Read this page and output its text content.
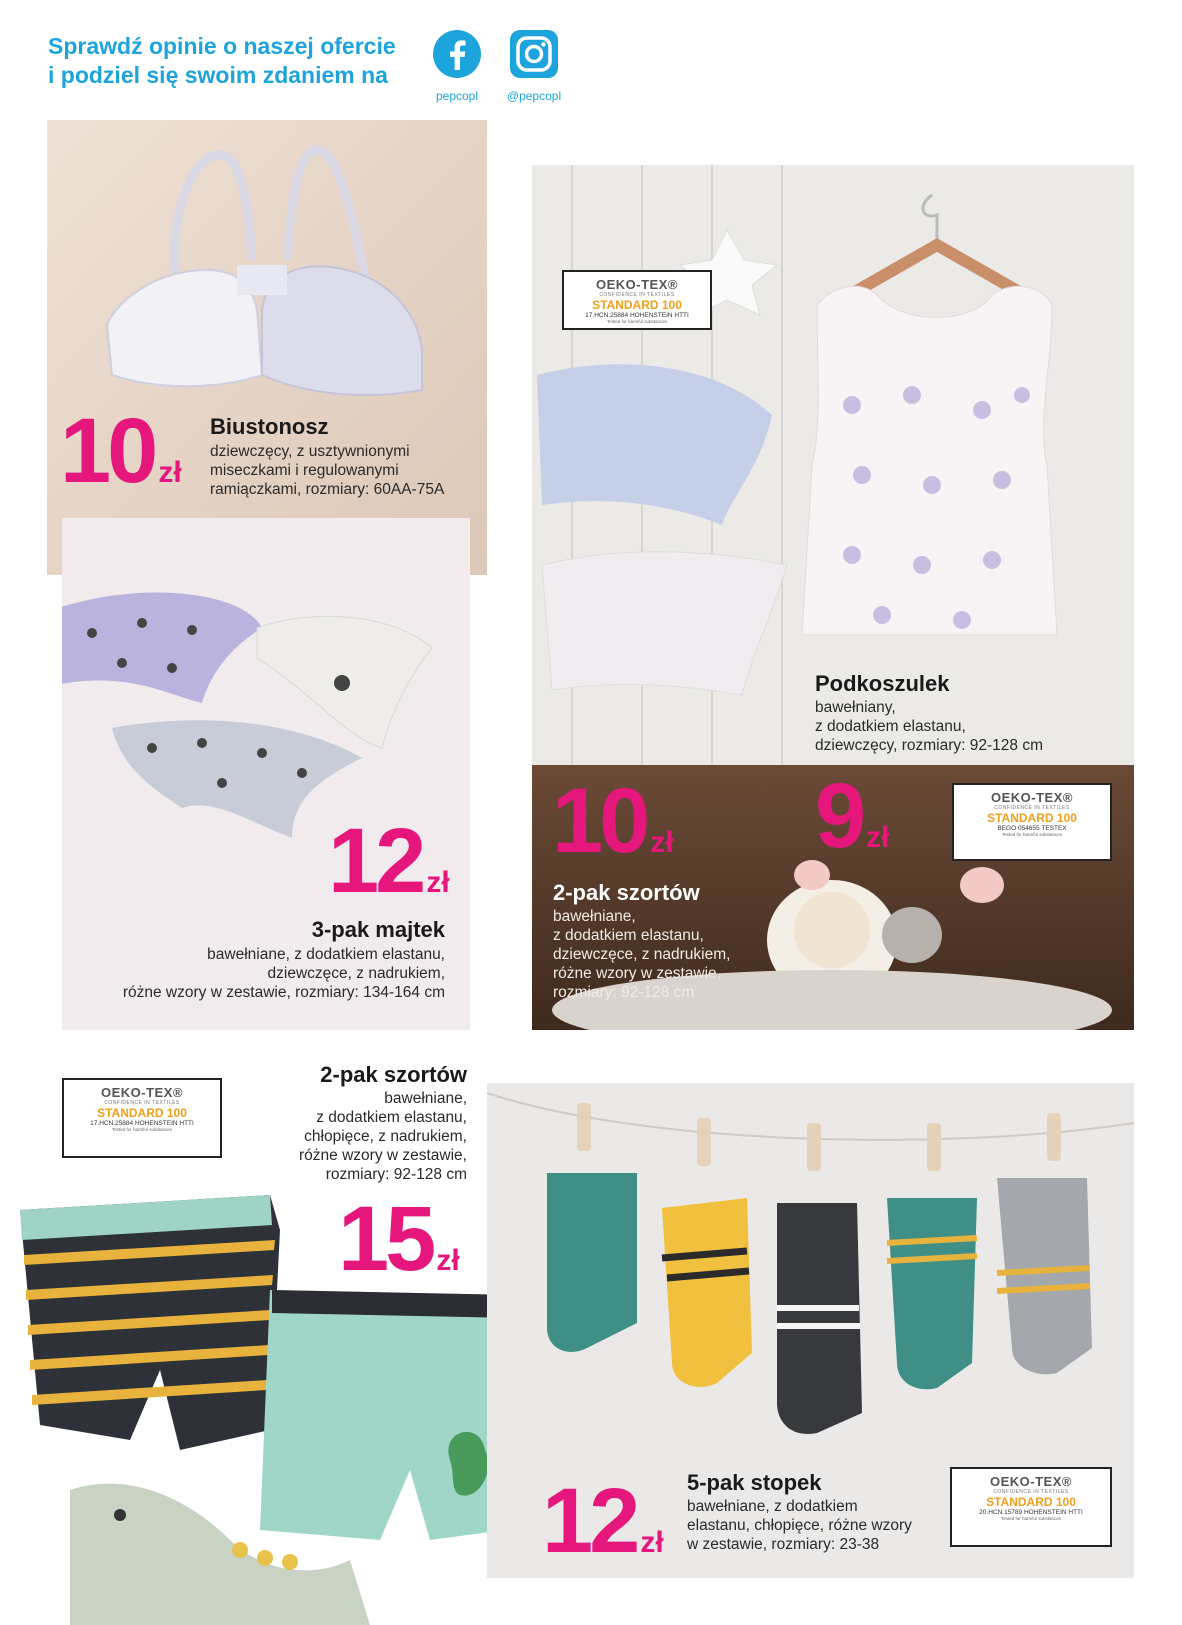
Sprawdź opinie o naszej ofercie
i podziel się swoim zdaniem na
pepcopl	@pepcopl
10 zł
Biustonosz
dziewczęcy, z usztywnionymi
miseczkami i regulowanymi
ramiączkami, rozmiary: 60AA-75A
12 zł
3-pak majtek
bawełniane, z dodatkiem elastanu,
dziewczęce, z nadrukiem,
różne wzory w zestawie, rozmiary: 134-164 cm
OEKO-TEX®
CONFIDENCE IN TEXTILES
STANDARD 100
17.HCN.25884 HOHENSTEIN HTTI
Tested for harmful substances
Podkoszulek
bawełniany,
z dodatkiem elastanu,
dziewczęcy, rozmiary: 92-128 cm
9 zł
OEKO-TEX®
CONFIDENCE IN TEXTILES
STANDARD 100
BEGO 054655 TESTEX
Tested for harmful substances
10 zł
2-pak szortów
bawełniane,
z dodatkiem elastanu,
dziewczęce, z nadrukiem,
różne wzory w zestawie,
rozmiary: 92-128 cm
OEKO-TEX®
CONFIDENCE IN TEXTILES
STANDARD 100
17.HCN.25884 HOHENSTEIN HTTI
Tested for harmful substances
2-pak szortów
bawełniane,
z dodatkiem elastanu,
chłopięce, z nadrukiem,
różne wzory w zestawie,
rozmiary: 92-128 cm
15 zł
12 zł
5-pak stopek
bawełniane, z dodatkiem
elastanu, chłopięce, różne wzory
w zestawie, rozmiary: 23-38
OEKO-TEX®
CONFIDENCE IN TEXTILES
STANDARD 100
20.HCN.15789 HOHENSTEIN HTTI
Tested for harmful substances
